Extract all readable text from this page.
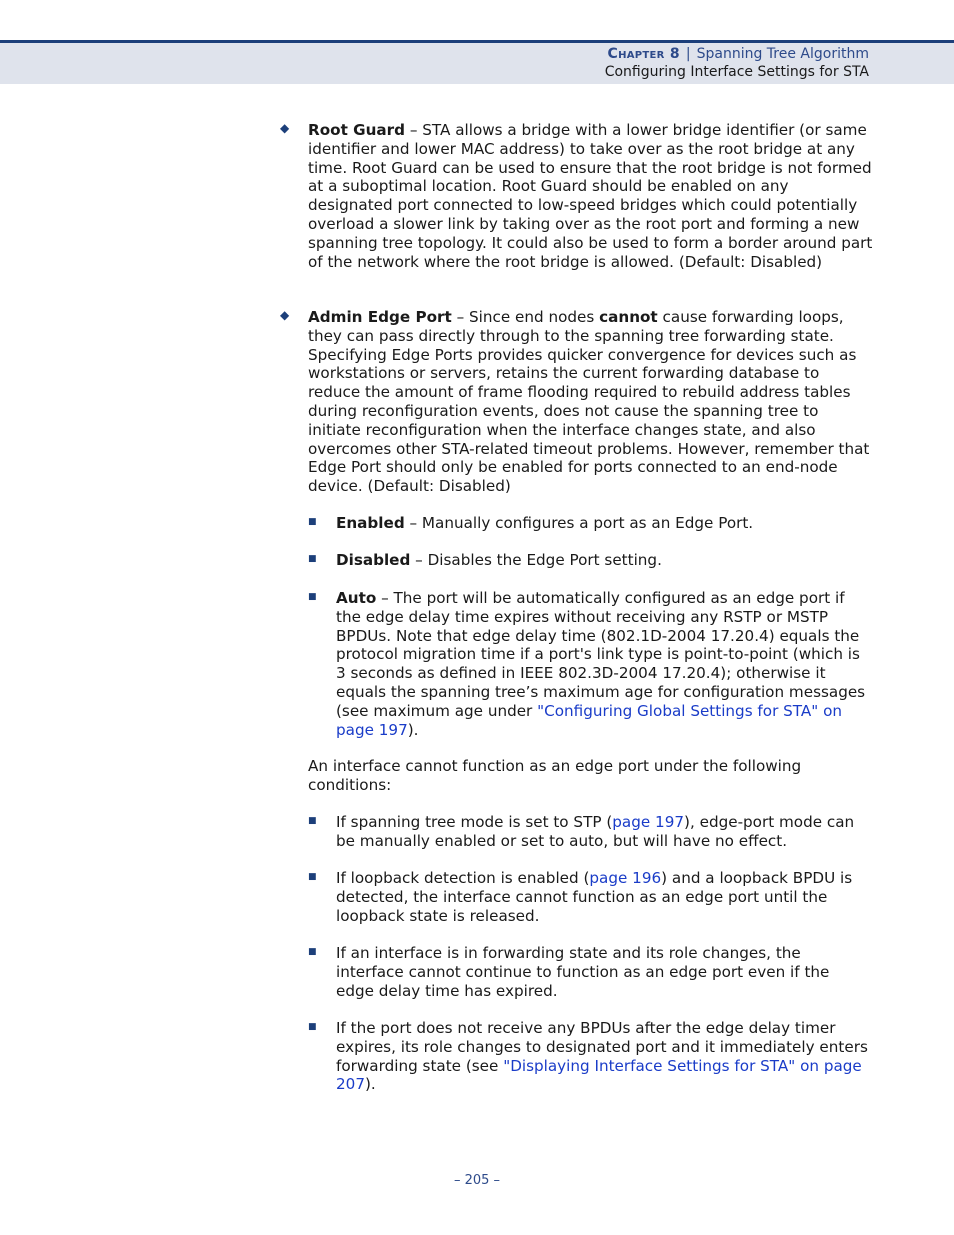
Chapter 8 | Spanning Tree Algorithm
Configuring Interface Settings for STA
◆ Root Guard – STA allows a bridge with a lower bridge identifier (or same identifier and lower MAC address) to take over as the root bridge at any time. Root Guard can be used to ensure that the root bridge is not formed at a suboptimal location. Root Guard should be enabled on any designated port connected to low-speed bridges which could potentially overload a slower link by taking over as the root port and forming a new spanning tree topology. It could also be used to form a border around part of the network where the root bridge is allowed. (Default: Disabled)

◆ Admin Edge Port – Since end nodes cannot cause forwarding loops, they can pass directly through to the spanning tree forwarding state. Specifying Edge Ports provides quicker convergence for devices such as workstations or servers, retains the current forwarding database to reduce the amount of frame flooding required to rebuild address tables during reconfiguration events, does not cause the spanning tree to initiate reconfiguration when the interface changes state, and also overcomes other STA-related timeout problems. However, remember that Edge Port should only be enabled for ports connected to an end-node device. (Default: Disabled)

■ Enabled – Manually configures a port as an Edge Port.

■ Disabled – Disables the Edge Port setting.

■ Auto – The port will be automatically configured as an edge port if the edge delay time expires without receiving any RSTP or MSTP BPDUs. Note that edge delay time (802.1D-2004 17.20.4) equals the protocol migration time if a port's link type is point-to-point (which is 3 seconds as defined in IEEE 802.3D-2004 17.20.4); otherwise it equals the spanning tree’s maximum age for configuration messages (see maximum age under "Configuring Global Settings for STA" on page 197).

An interface cannot function as an edge port under the following conditions:

■ If spanning tree mode is set to STP (page 197), edge-port mode can be manually enabled or set to auto, but will have no effect.

■ If loopback detection is enabled (page 196) and a loopback BPDU is detected, the interface cannot function as an edge port until the loopback state is released.

■ If an interface is in forwarding state and its role changes, the interface cannot continue to function as an edge port even if the edge delay time has expired.

■ If the port does not receive any BPDUs after the edge delay timer expires, its role changes to designated port and it immediately enters forwarding state (see "Displaying Interface Settings for STA" on page 207).

– 205 –
